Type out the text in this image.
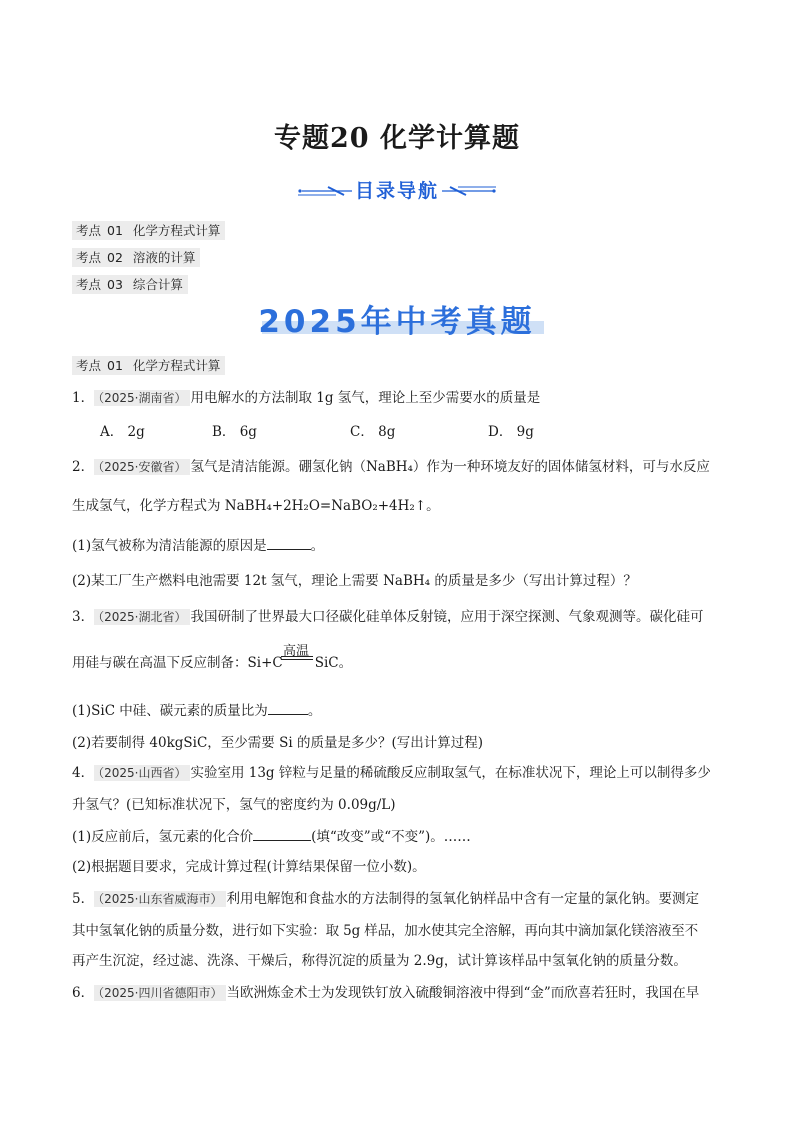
专题20 化学计算题
目录导航
考点 01 化学方程式计算
考点 02 溶液的计算
考点 03 综合计算
2025年中考真题
考点 01 化学方程式计算
1． （2025·湖南省） 用电解水的方法制取 1g 氢气，理论上至少需要水的质量是
A． 2g	B． 6g	C． 8g	D． 9g
2． （2025·安徽省） 氢气是清洁能源。硼氢化钠（NaBH₄）作为一种环境友好的固体储氢材料，可与水反应
生成氢气，化学方程式为 NaBH₄+2H₂O=NaBO₂+4H₂↑。
(1)氢气被称为清洁能源的原因是	。
(2)某工厂生产燃料电池需要 12t 氢气，理论上需要 NaBH₄ 的质量是多少（写出计算过程）？
3． （2025·湖北省） 我国研制了世界最大口径碳化硅单体反射镜，应用于深空探测、气象观测等。碳化硅可
高温
用硅与碳在高温下反应制备：Si+C SiC。
(1)SiC 中硅、碳元素的质量比为	。
(2)若要制得 40kgSiC，至少需要 Si 的质量是多少？(写出计算过程)
4． （2025·山西省） 实验室用 13g 锌粒与足量的稀硫酸反应制取氢气，在标准状况下，理论上可以制得多少
升氢气？(已知标准状况下，氢气的密度约为 0.09g/L)
(1)反应前后，氢元素的化合价	(填“改变”或“不变”)。……
(2)根据题目要求，完成计算过程(计算结果保留一位小数)。
5． （2025·山东省威海市） 利用电解饱和食盐水的方法制得的氢氧化钠样品中含有一定量的氯化钠。要测定
其中氢氧化钠的质量分数，进行如下实验：取 5g 样品，加水使其完全溶解，再向其中滴加氯化镁溶液至不
再产生沉淀，经过滤、洗涤、干燥后，称得沉淀的质量为 2.9g，试计算该样品中氢氧化钠的质量分数。
6． （2025·四川省德阳市） 当欧洲炼金术士为发现铁钉放入硫酸铜溶液中得到“金”而欣喜若狂时，我国在早
